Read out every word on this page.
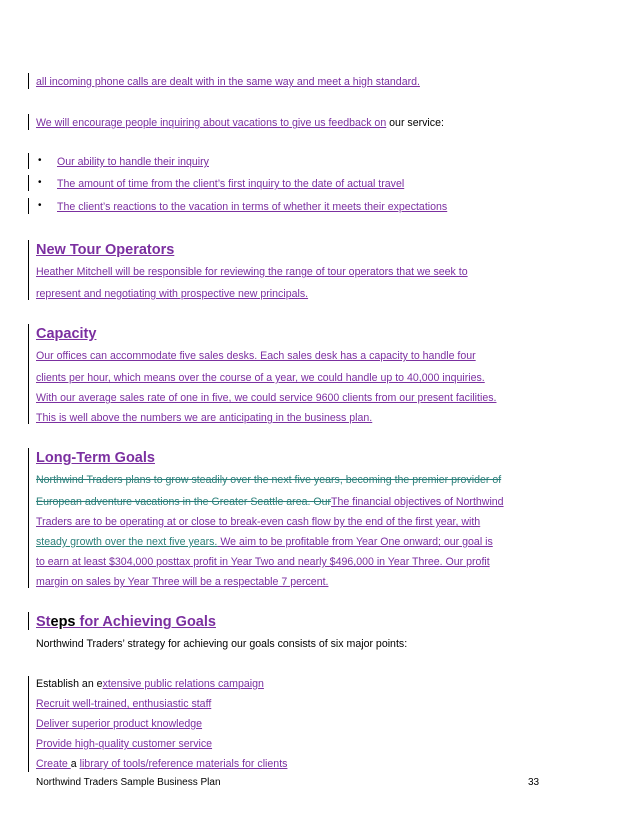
all incoming phone calls are dealt with in the same way and meet a high standard.
We will encourage people inquiring about vacations to give us feedback on our service:
• Our ability to handle their inquiry
• The amount of time from the client’s first inquiry to the date of actual travel
• The client’s reactions to the vacation in terms of whether it meets their expectations
New Tour Operators
Heather Mitchell will be responsible for reviewing the range of tour operators that we seek to
represent and negotiating with prospective new principals.
Capacity
Our offices can accommodate five sales desks. Each sales desk has a capacity to handle four
clients per hour, which means over the course of a year, we could handle up to 40,000 inquiries.
With our average sales rate of one in five, we could service 9600 clients from our present facilities.
This is well above the numbers we are anticipating in the business plan.
Long-Term Goals
Northwind Traders plans to grow steadily over the next five years, becoming the premier provider of
European adventure vacations in the Greater Seattle area. OurThe financial objectives of Northwind
Traders are to be operating at or close to break-even cash flow by the end of the first year, with
steady growth over the next five years. We aim to be profitable from Year One onward; our goal is
to earn at least $304,000 posttax profit in Year Two and nearly $496,000 in Year Three. Our profit
margin on sales by Year Three will be a respectable 7 percent.
Steps for Achieving Goals
Northwind Traders’ strategy for achieving our goals consists of six major points:
Establish an extensive public relations campaign
Recruit well-trained, enthusiastic staff
Deliver superior product knowledge
Provide high-quality customer service
Create a library of tools/reference materials for clients
Northwind Traders Sample Business Plan	33
